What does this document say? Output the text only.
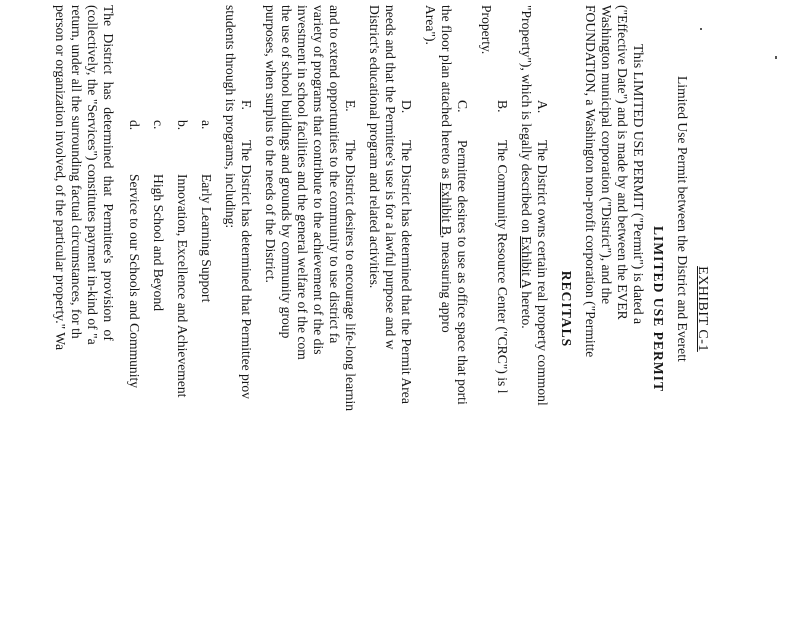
EXHIBIT C-1
Limited Use Permit between the District and Everett
LIMITED USE PERMIT
This LIMITED USE PERMIT ("Permit") is dated a
("Effective Date") and is made by and between the EVER
Washington municipal corporation ("District"), and the
FOUNDATION, a Washington non-profit corporation ("Permitte
RECITALS
A.
The District owns certain real property commonl
"Property"), which is legally described on Exhibit A hereto.
B.
The Community Resource Center ("CRC") is l
Property.
C.
Permittee desires to use as office space that porti
the floor plan attached hereto as Exhibit B, measuring appro
Area").
D.
The District has determined that the Permit Area
needs and that the Permittee's use is for a lawful purpose and w
District's educational program and related activities.
E.
The District desires to encourage life-long learnin
and to extend opportunities to the community to use district fa
variety of programs that contribute to the achievement of the dis
investment in school facilities and the general welfare of the com
the use of school buildings and grounds by community group
purposes, when surplus to the needs of the District.
F.
The District has determined that Permittee prov
students through its programs, including:
a.
Early Learning Support
b.
Innovation, Excellence and Achievement
c.
High School and Beyond
d.
Service to our Schools and Community
The District has determined that Permittee's provision of
(collectively, the "Services") constitutes payment in-kind of "a
return, under all the surrounding factual circumstances, for th
person or organization involved, of the particular property." Wa
